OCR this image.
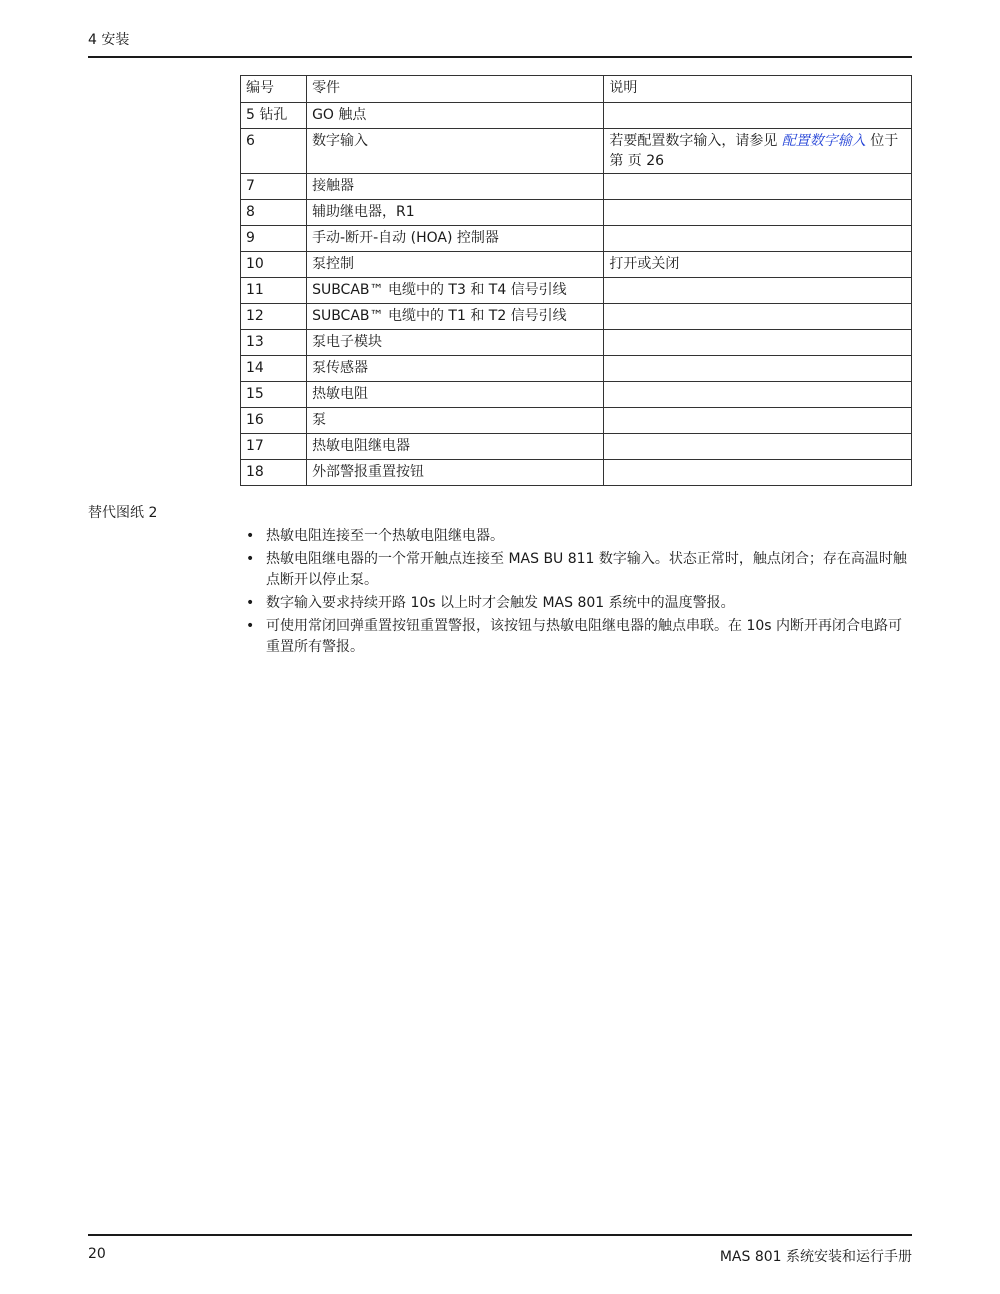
4 安装
编号	零件	说明
5 钻孔	GO 触点	
6	数字输入	若要配置数字输入，请参见 配置数字输入 位于第 页 26
7	接触器	
8	辅助继电器，R1	
9	手动-断开-自动 (HOA) 控制器	
10	泵控制	打开或关闭
11	SUBCAB™ 电缆中的 T3 和 T4 信号引线	
12	SUBCAB™ 电缆中的 T1 和 T2 信号引线	
13	泵电子模块	
14	泵传感器	
15	热敏电阻	
16	泵	
17	热敏电阻继电器	
18	外部警报重置按钮	
替代图纸 2
• 热敏电阻连接至一个热敏电阻继电器。
• 热敏电阻继电器的一个常开触点连接至 MAS BU 811 数字输入。状态正常时，触点闭合；存在高温时触点断开以停止泵。
• 数字输入要求持续开路 10s 以上时才会触发 MAS 801 系统中的温度警报。
• 可使用常闭回弹重置按钮重置警报，该按钮与热敏电阻继电器的触点串联。在 10s 内断开再闭合电路可重置所有警报。
20	MAS 801 系统安装和运行手册
